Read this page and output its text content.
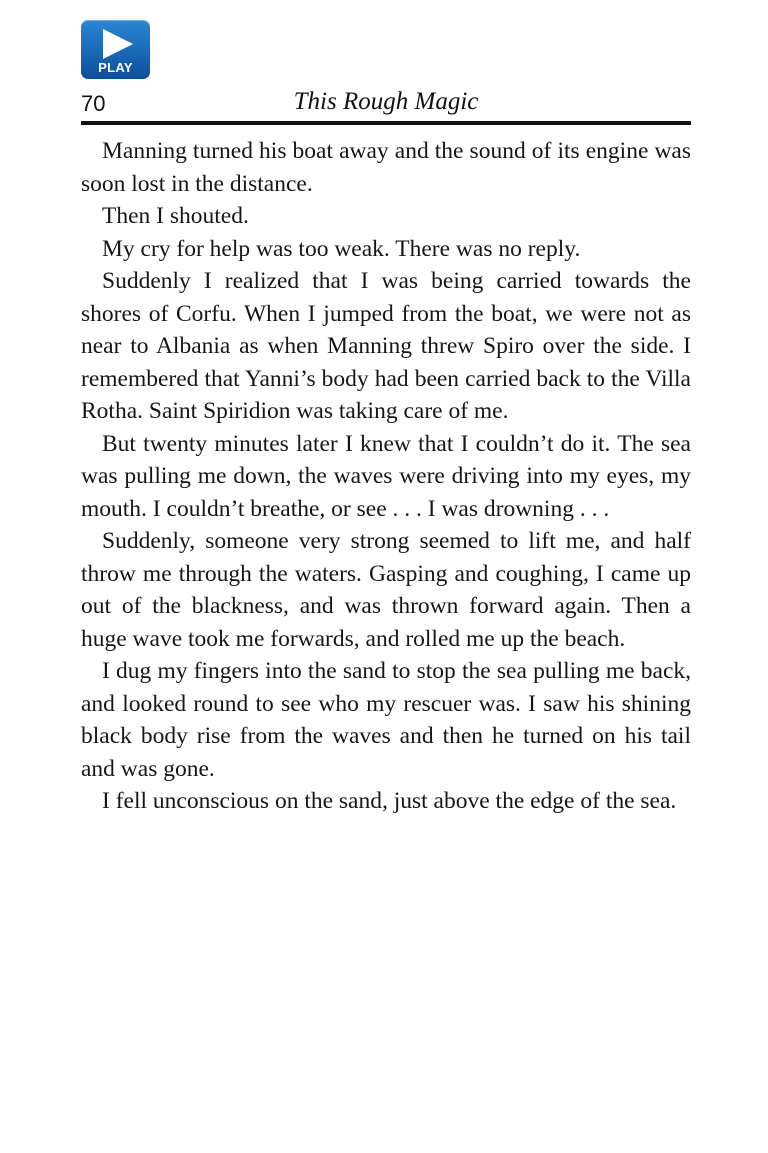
PLAY
70	This Rough Magic

Manning turned his boat away and the sound of its engine was soon lost in the distance.

Then I shouted.

My cry for help was too weak. There was no reply.

Suddenly I realized that I was being carried towards the shores of Corfu. When I jumped from the boat, we were not as near to Albania as when Manning threw Spiro over the side. I remembered that Yanni’s body had been carried back to the Villa Rotha. Saint Spiridion was taking care of me.

But twenty minutes later I knew that I couldn’t do it. The sea was pulling me down, the waves were driving into my eyes, my mouth. I couldn’t breathe, or see . . . I was drowning . . .

Suddenly, someone very strong seemed to lift me, and half throw me through the waters. Gasping and coughing, I came up out of the blackness, and was thrown forward again. Then a huge wave took me forwards, and rolled me up the beach.

I dug my fingers into the sand to stop the sea pulling me back, and looked round to see who my rescuer was. I saw his shining black body rise from the waves and then he turned on his tail and was gone.

I fell unconscious on the sand, just above the edge of the sea.
